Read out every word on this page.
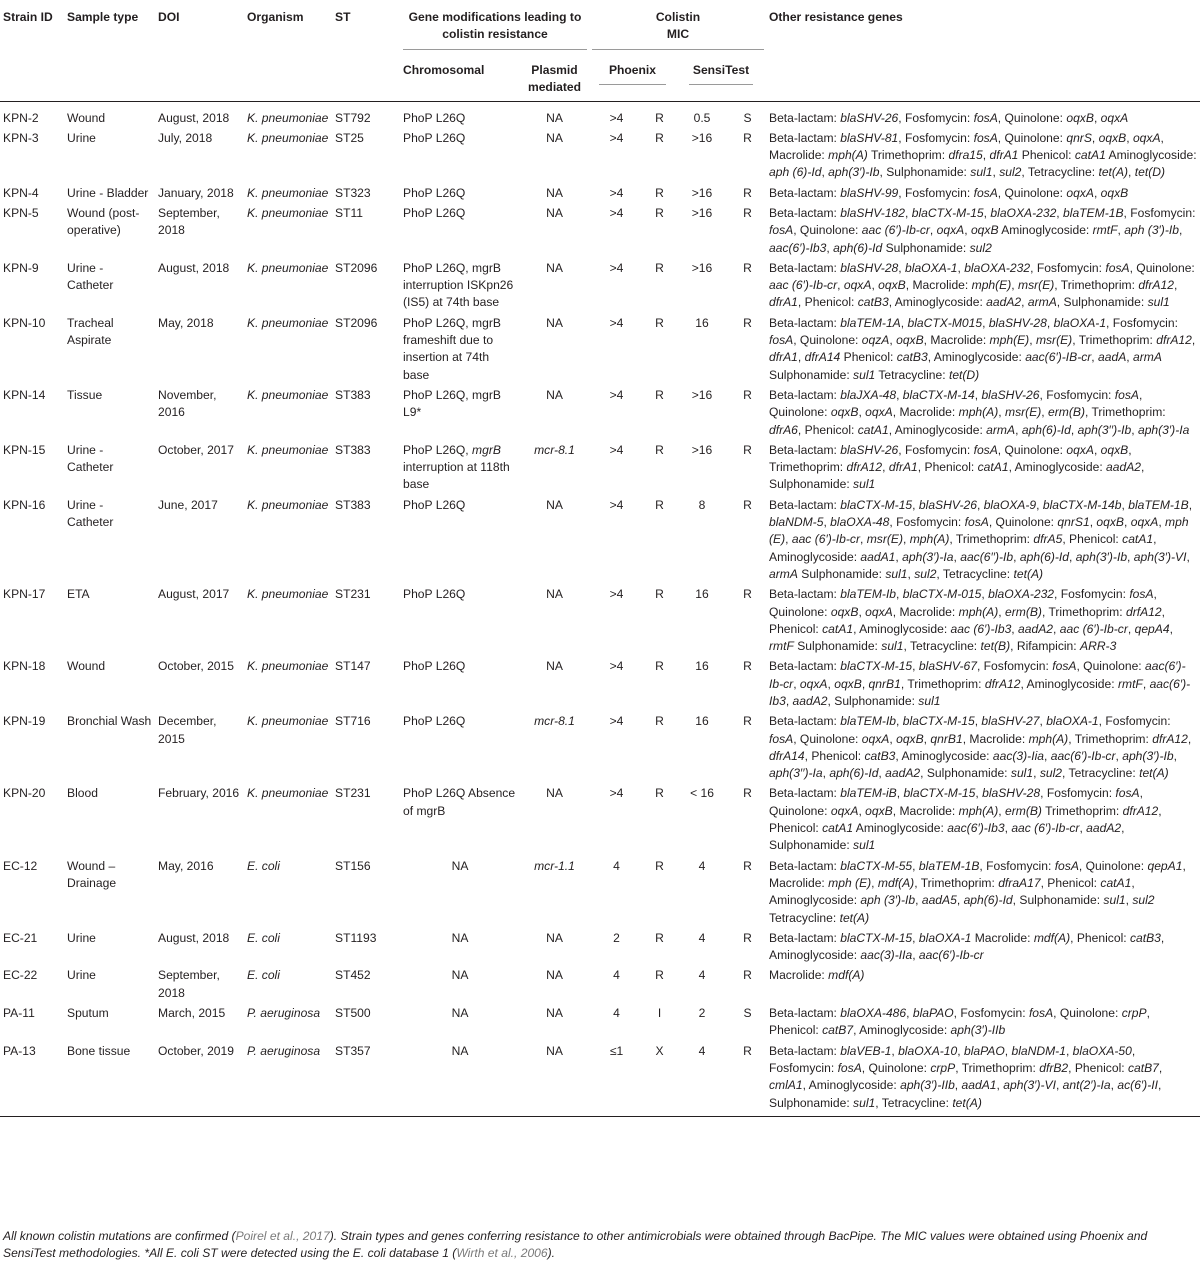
Strain ID	Sample type	DOI	Organism	ST	Gene modifications leading to colistin resistance		Colistin MIC				Other resistance genes
					Chromosomal	Plasmid mediated	Phoenix		SensiTest		
KPN-2	Wound	August, 2018	K. pneumoniae	ST792	PhoP L26Q	NA	>4	R	0.5	S	Beta-lactam: blaSHV-26, Fosfomycin: fosA, Quinolone: oqxB, oqxA
KPN-3	Urine	July, 2018	K. pneumoniae	ST25	PhoP L26Q	NA	>4	R	>16	R	Beta-lactam: blaSHV-81, Fosfomycin: fosA, Quinolone: qnrS, oqxB, oqxA, Macrolide: mph(A) Trimethoprim: dfra15, dfrA1 Phenicol: catA1 Aminoglycoside: aph (6)-Id, aph(3′)-Ib, Sulphonamide: sul1, sul2, Tetracycline: tet(A), tet(D)
KPN-4	Urine - Bladder	January, 2018	K. pneumoniae	ST323	PhoP L26Q	NA	>4	R	>16	R	Beta-lactam: blaSHV-99, Fosfomycin: fosA, Quinolone: oqxA, oqxB
KPN-5	Wound (post-operative)	September, 2018	K. pneumoniae	ST11	PhoP L26Q	NA	>4	R	>16	R	Beta-lactam: blaSHV-182, blaCTX-M-15, blaOXA-232, blaTEM-1B, Fosfomycin: fosA, Quinolone: aac (6′)-Ib-cr, oqxA, oqxB Aminoglycoside: rmtF, aph (3′)-Ib, aac(6′)-Ib3, aph(6)-Id Sulphonamide: sul2
KPN-9	Urine - Catheter	August, 2018	K. pneumoniae	ST2096	PhoP L26Q, mgrB interruption ISKpn26 (IS5) at 74th base	NA	>4	R	>16	R	Beta-lactam: blaSHV-28, blaOXA-1, blaOXA-232, Fosfomycin: fosA, Quinolone: aac (6′)-Ib-cr, oqxA, oqxB, Macrolide: mph(E), msr(E), Trimethoprim: dfrA12, dfrA1, Phenicol: catB3, Aminoglycoside: aadA2, armA, Sulphonamide: sul1
KPN-10	Tracheal Aspirate	May, 2018	K. pneumoniae	ST2096	PhoP L26Q, mgrB frameshift due to insertion at 74th base	NA	>4	R	16	R	Beta-lactam: blaTEM-1A, blaCTX-M015, blaSHV-28, blaOXA-1, Fosfomycin: fosA, Quinolone: oqzA, oqxB, Macrolide: mph(E), msr(E), Trimethoprim: dfrA12, dfrA1, dfrA14 Phenicol: catB3, Aminoglycoside: aac(6′)-IB-cr, aadA, armA Sulphonamide: sul1 Tetracycline: tet(D)
KPN-14	Tissue	November, 2016	K. pneumoniae	ST383	PhoP L26Q, mgrB L9*	NA	>4	R	>16	R	Beta-lactam: blaJXA-48, blaCTX-M-14, blaSHV-26, Fosfomycin: fosA, Quinolone: oqxB, oqxA, Macrolide: mph(A), msr(E), erm(B), Trimethoprim: dfrA6, Phenicol: catA1, Aminoglycoside: armA, aph(6)-Id, aph(3′′)-Ib, aph(3′)-Ia
KPN-15	Urine - Catheter	October, 2017	K. pneumoniae	ST383	PhoP L26Q, mgrB interruption at 118th base	mcr-8.1	>4	R	>16	R	Beta-lactam: blaSHV-26, Fosfomycin: fosA, Quinolone: oqxA, oqxB, Trimethoprim: dfrA12, dfrA1, Phenicol: catA1, Aminoglycoside: aadA2, Sulphonamide: sul1
KPN-16	Urine - Catheter	June, 2017	K. pneumoniae	ST383	PhoP L26Q	NA	>4	R	8	R	Beta-lactam: blaCTX-M-15, blaSHV-26, blaOXA-9, blaCTX-M-14b, blaTEM-1B, blaNDM-5, blaOXA-48, Fosfomycin: fosA, Quinolone: qnrS1, oqxB, oqxA, mph (E), aac (6′)-Ib-cr, msr(E), mph(A), Trimethoprim: dfrA5, Phenicol: catA1, Aminoglycoside: aadA1, aph(3′)-Ia, aac(6′′)-Ib, aph(6)-Id, aph(3′)-Ib, aph(3′)-VI, armA Sulphonamide: sul1, sul2, Tetracycline: tet(A)
KPN-17	ETA	August, 2017	K. pneumoniae	ST231	PhoP L26Q	NA	>4	R	16	R	Beta-lactam: blaTEM-Ib, blaCTX-M-015, blaOXA-232, Fosfomycin: fosA, Quinolone: oqxB, oqxA, Macrolide: mph(A), erm(B), Trimethoprim: drfA12, Phenicol: catA1, Aminoglycoside: aac (6′)-Ib3, aadA2, aac (6′)-Ib-cr, qepA4, rmtF Sulphonamide: sul1, Tetracycline: tet(B), Rifampicin: ARR-3
KPN-18	Wound	October, 2015	K. pneumoniae	ST147	PhoP L26Q	NA	>4	R	16	R	Beta-lactam: blaCTX-M-15, blaSHV-67, Fosfomycin: fosA, Quinolone: aac(6′)-Ib-cr, oqxA, oqxB, qnrB1, Trimethoprim: dfrA12, Aminoglycoside: rmtF, aac(6′)-Ib3, aadA2, Sulphonamide: sul1
KPN-19	Bronchial Wash	December, 2015	K. pneumoniae	ST716	PhoP L26Q	mcr-8.1	>4	R	16	R	Beta-lactam: blaTEM-Ib, blaCTX-M-15, blaSHV-27, blaOXA-1, Fosfomycin: fosA, Quinolone: oqxA, oqxB, qnrB1, Macrolide: mph(A), Trimethoprim: dfrA12, dfrA14, Phenicol: catB3, Aminoglycoside: aac(3)-Iia, aac(6′)-Ib-cr, aph(3′)-Ib, aph(3′′)-Ia, aph(6)-Id, aadA2, Sulphonamide: sul1, sul2, Tetracycline: tet(A)
KPN-20	Blood	February, 2016	K. pneumoniae	ST231	PhoP L26Q Absence of mgrB	NA	>4	R	< 16	R	Beta-lactam: blaTEM-iB, blaCTX-M-15, blaSHV-28, Fosfomycin: fosA, Quinolone: oqxA, oqxB, Macrolide: mph(A), erm(B) Trimethoprim: dfrA12, Phenicol: catA1 Aminoglycoside: aac(6′)-Ib3, aac (6′)-Ib-cr, aadA2, Sulphonamide: sul1
EC-12	Wound – Drainage	May, 2016	E. coli	ST156	NA	mcr-1.1	4	R	4	R	Beta-lactam: blaCTX-M-55, blaTEM-1B, Fosfomycin: fosA, Quinolone: qepA1, Macrolide: mph (E), mdf(A), Trimethoprim: dfraA17, Phenicol: catA1, Aminoglycoside: aph (3′)-Ib, aadA5, aph(6)-Id, Sulphonamide: sul1, sul2 Tetracycline: tet(A)
EC-21	Urine	August, 2018	E. coli	ST1193	NA	NA	2	R	4	R	Beta-lactam: blaCTX-M-15, blaOXA-1 Macrolide: mdf(A), Phenicol: catB3, Aminoglycoside: aac(3)-IIa, aac(6′)-Ib-cr
EC-22	Urine	September, 2018	E. coli	ST452	NA	NA	4	R	4	R	Macrolide: mdf(A)
PA-11	Sputum	March, 2015	P. aeruginosa	ST500	NA	NA	4	I	2	S	Beta-lactam: blaOXA-486, blaPAO, Fosfomycin: fosA, Quinolone: crpP, Phenicol: catB7, Aminoglycoside: aph(3′)-IIb
PA-13	Bone tissue	October, 2019	P. aeruginosa	ST357	NA	NA	≤1	X	4	R	Beta-lactam: blaVEB-1, blaOXA-10, blaPAO, blaNDM-1, blaOXA-50, Fosfomycin: fosA, Quinolone: crpP, Trimethoprim: dfrB2, Phenicol: catB7, cmlA1, Aminoglycoside: aph(3′)-IIb, aadA1, aph(3′)-VI, ant(2′)-Ia, ac(6′)-II, Sulphonamide: sul1, Tetracycline: tet(A)
All known colistin mutations are confirmed (Poirel et al., 2017). Strain types and genes conferring resistance to other antimicrobials were obtained through BacPipe. The MIC values were obtained using Phoenix and SensiTest methodologies. *All E. coli ST were detected using the E. coli database 1 (Wirth et al., 2006).
